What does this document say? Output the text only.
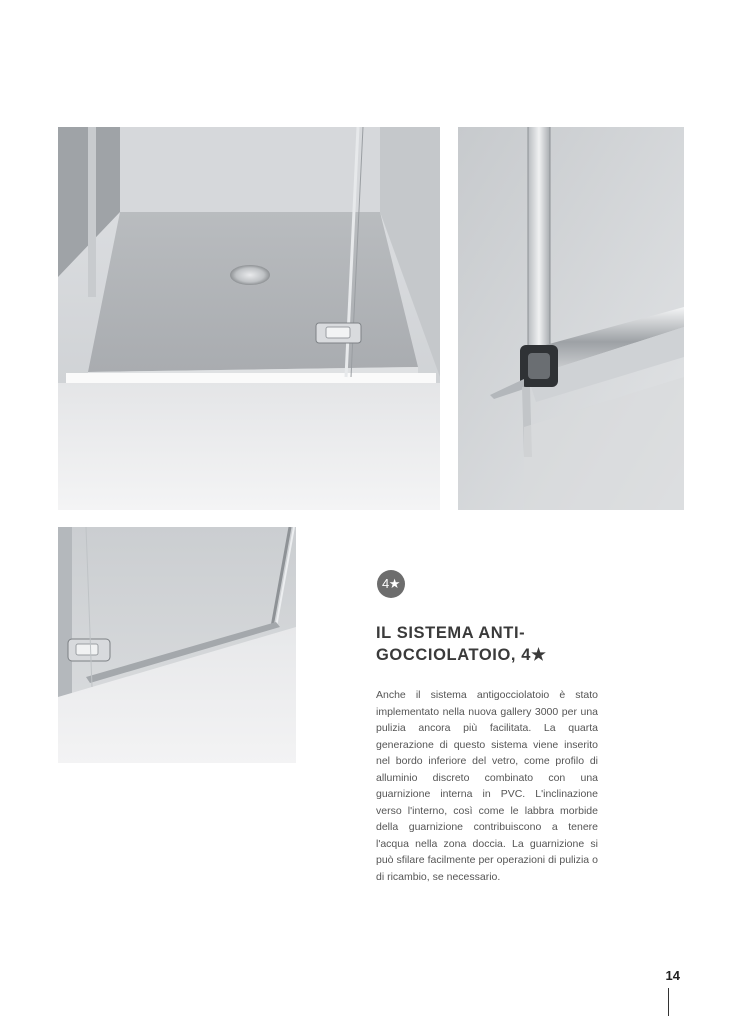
4★
IL SISTEMA ANTI-
GOCCIOLATOIO, 4★

Anche il sistema antigocciolatoio è stato implementato nella nuova gallery 3000 per una pulizia ancora più facilitata. La quarta generazione di questo sistema viene inserito nel bordo inferiore del vetro, come profilo di alluminio discreto combinato con una guarnizione interna in PVC. L'inclinazione verso l'interno, così come le labbra morbide della guarnizione contribuiscono a tenere l'acqua nella zona doccia. La guarnizione si può sfilare facilmente per operazioni di pulizia o di ricambio, se necessario.

14
